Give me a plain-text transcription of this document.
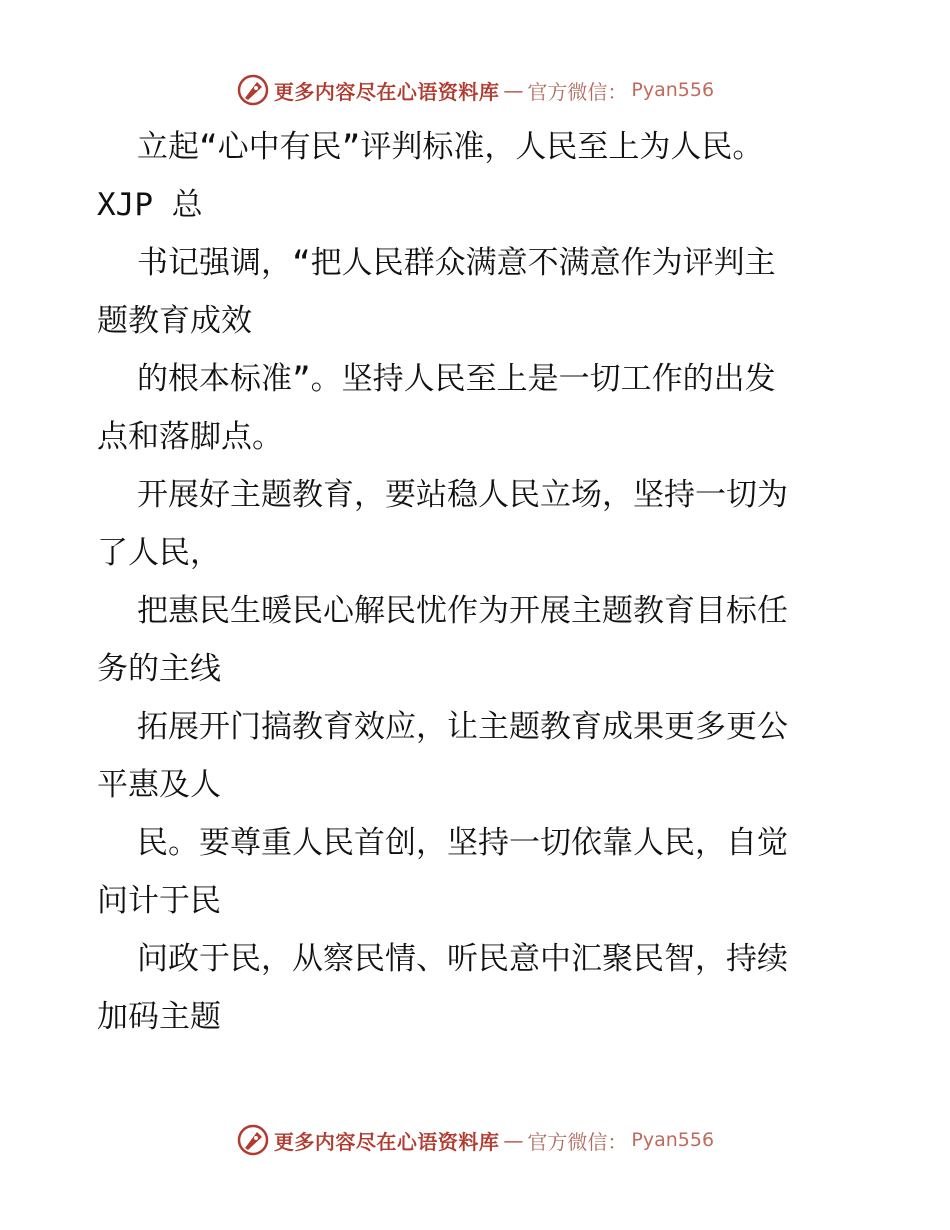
更多内容尽在心语资料库 — 官方微信： Pyan556
立起“心中有民”评判标准，人民至上为人民。
XJP 总
书记强调，“把人民群众满意不满意作为评判主
题教育成效
的根本标准”。坚持人民至上是一切工作的出发
点和落脚点。
开展好主题教育，要站稳人民立场，坚持一切为
了人民，
把惠民生暖民心解民忧作为开展主题教育目标任
务的主线
拓展开门搞教育效应，让主题教育成果更多更公
平惠及人
民。要尊重人民首创，坚持一切依靠人民，自觉
问计于民
问政于民，从察民情、听民意中汇聚民智，持续
加码主题
更多内容尽在心语资料库 — 官方微信： Pyan556
